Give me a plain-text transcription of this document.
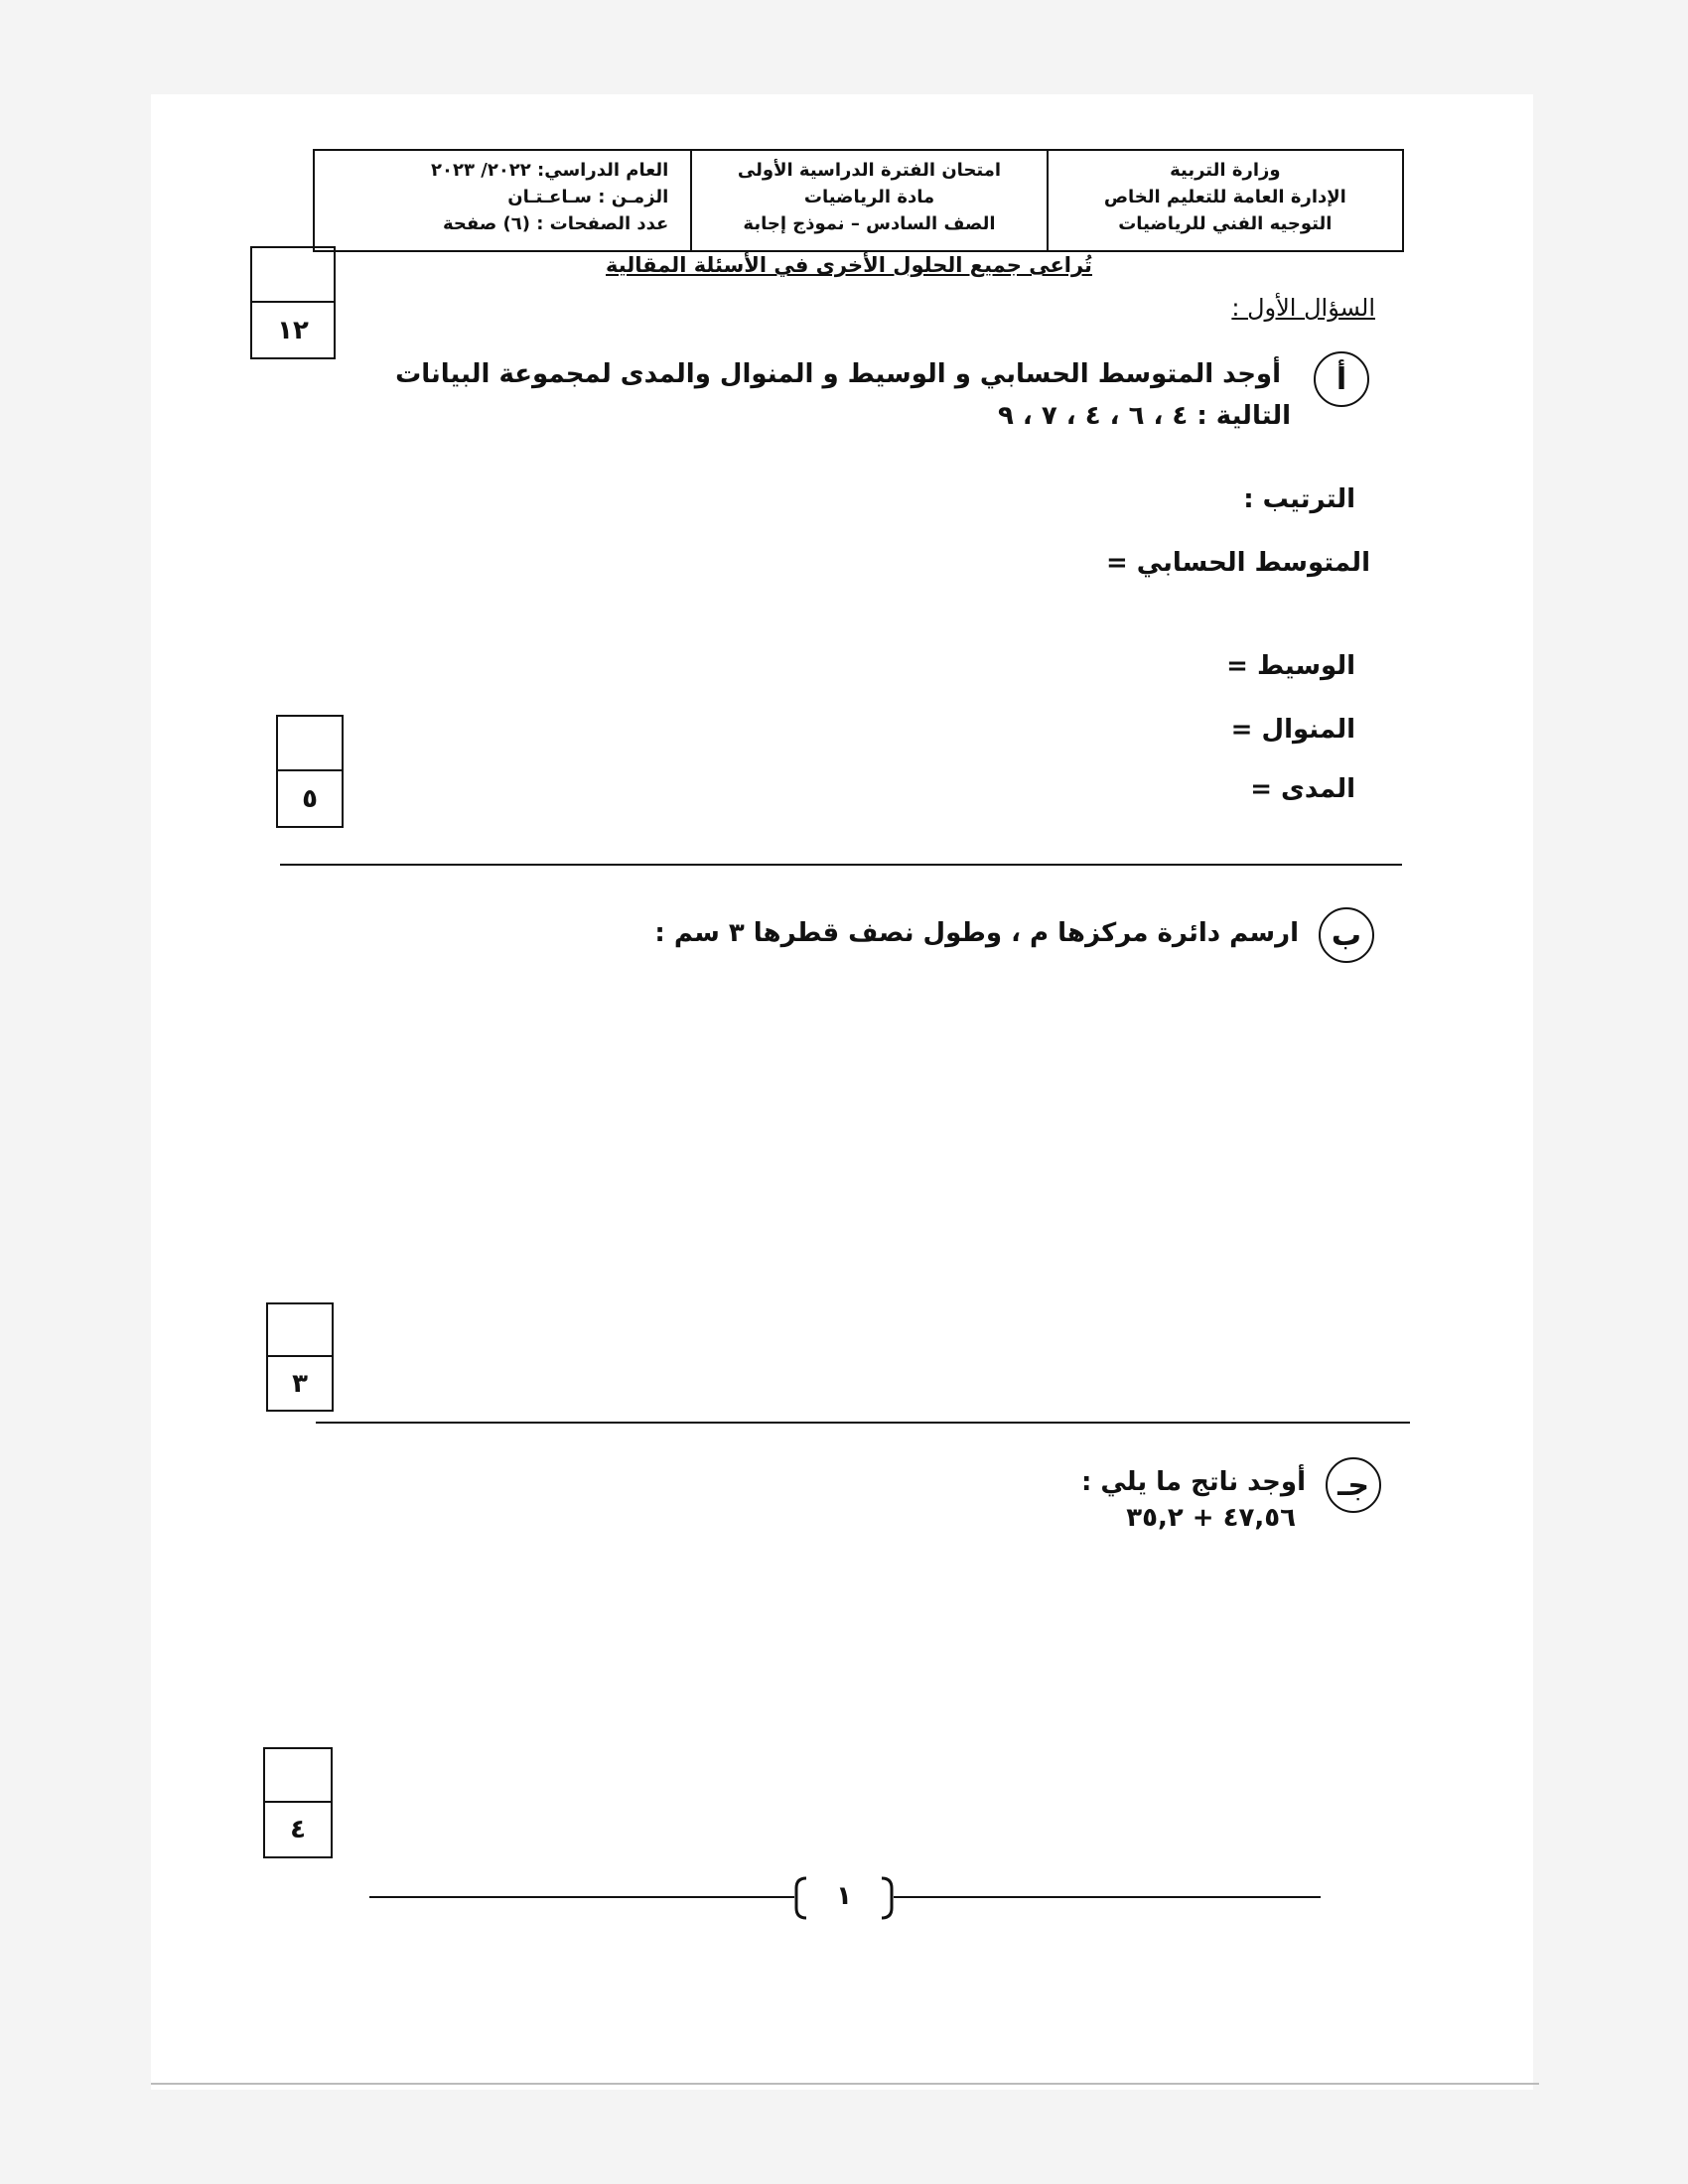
العام الدراسي: ٢٠٢٢/ ٢٠٢٣
الزمـن : سـاعـتـان
عدد الصفحات : (٦) صفحة
امتحان الفترة الدراسية الأولى
مادة الرياضيات
الصف السادس – نموذج إجابة
وزارة التربية
الإدارة العامة للتعليم الخاص
التوجيه الفني للرياضيات
تُراعى جميع الحلول الأخرى في الأسئلة المقالية
١٢
السؤال الأول :
أ
أوجد المتوسط الحسابي و الوسيط و المنوال والمدى لمجموعة البيانات
التالية : ٤ ، ٦ ، ٤ ، ٧ ، ٩
الترتيب :
المتوسط الحسابي =
الوسيط =
المنوال =
المدى =
٥
ب
ارسم دائرة مركزها م ، وطول نصف قطرها ٣ سم :
٣
جـ
أوجد ناتج ما يلي :
٤٧,٥٦ + ٣٥,٢
٤
١
